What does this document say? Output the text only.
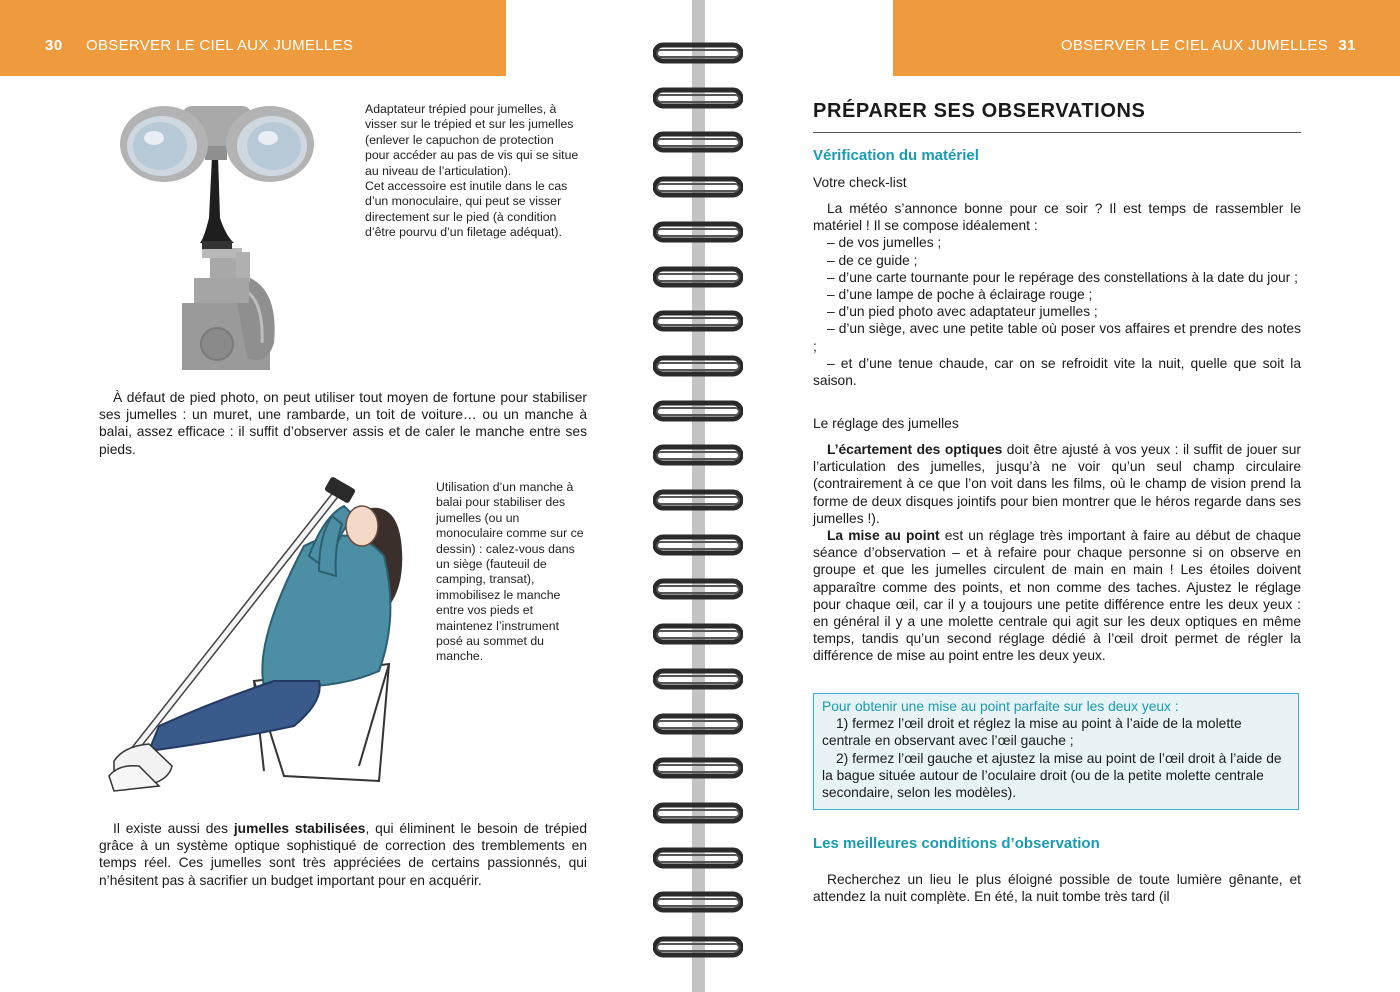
30 OBSERVER LE CIEL AUX JUMELLES	OBSERVER LE CIEL AUX JUMELLES 31
Adaptateur trépied pour jumelles, à visser sur le trépied et sur les jumelles (enlever le capuchon de protection pour accéder au pas de vis qui se situe au niveau de l’articulation).
Cet accessoire est inutile dans le cas d’un monoculaire, qui peut se visser directement sur le pied (à condition d’être pourvu d’un filetage adéquat).

À défaut de pied photo, on peut utiliser tout moyen de fortune pour stabiliser ses jumelles : un muret, une rambarde, un toit de voiture… ou un manche à balai, assez efficace : il suffit d’observer assis et de caler le manche entre ses pieds.

Utilisation d’un manche à balai pour stabiliser des jumelles (ou un monoculaire comme sur ce dessin) : calez-vous dans un siège (fauteuil de camping, transat), immobilisez le manche entre vos pieds et maintenez l’instrument posé au sommet du manche.

Il existe aussi des jumelles stabilisées, qui éliminent le besoin de trépied grâce à un système optique sophistiqué de correction des tremblements en temps réel. Ces jumelles sont très appréciées de certains passionnés, qui n’hésitent pas à sacrifier un budget important pour en acquérir.

PRÉPARER SES OBSERVATIONS
Vérification du matériel
Votre check-list

La météo s’annonce bonne pour ce soir ? Il est temps de rassembler le matériel ! Il se compose idéalement :

– de vos jumelles ;

– de ce guide ;

– d’une carte tournante pour le repérage des constellations à la date du jour ;

– d’une lampe de poche à éclairage rouge ;

– d’un pied photo avec adaptateur jumelles ;

– d’un siège, avec une petite table où poser vos affaires et prendre des notes ;

– et d’une tenue chaude, car on se refroidit vite la nuit, quelle que soit la saison.

Le réglage des jumelles

L’écartement des optiques doit être ajusté à vos yeux : il suffit de jouer sur l’articulation des jumelles, jusqu’à ne voir qu’un seul champ circulaire (contrairement à ce que l’on voit dans les films, où le champ de vision prend la forme de deux disques jointifs pour bien montrer que le héros regarde dans ses jumelles !).

La mise au point est un réglage très important à faire au début de chaque séance d’observation – et à refaire pour chaque personne si on observe en groupe et que les jumelles circulent de main en main ! Les étoiles doivent apparaître comme des points, et non comme des taches. Ajustez le réglage pour chaque œil, car il y a toujours une petite différence entre les deux yeux : en général il y a une molette centrale qui agit sur les deux optiques en même temps, tandis qu’un second réglage dédié à l’œil droit permet de régler la différence de mise au point entre les deux yeux.

Pour obtenir une mise au point parfaite sur les deux yeux :

1) fermez l’œil droit et réglez la mise au point à l’aide de la molette centrale en observant avec l’œil gauche ;

2) fermez l’œil gauche et ajustez la mise au point de l’œil droit à l’aide de la bague située autour de l’oculaire droit (ou de la petite molette centrale secondaire, selon les modèles).

Les meilleures conditions d’observation

Recherchez un lieu le plus éloigné possible de toute lumière gênante, et attendez la nuit complète. En été, la nuit tombe très tard (il
